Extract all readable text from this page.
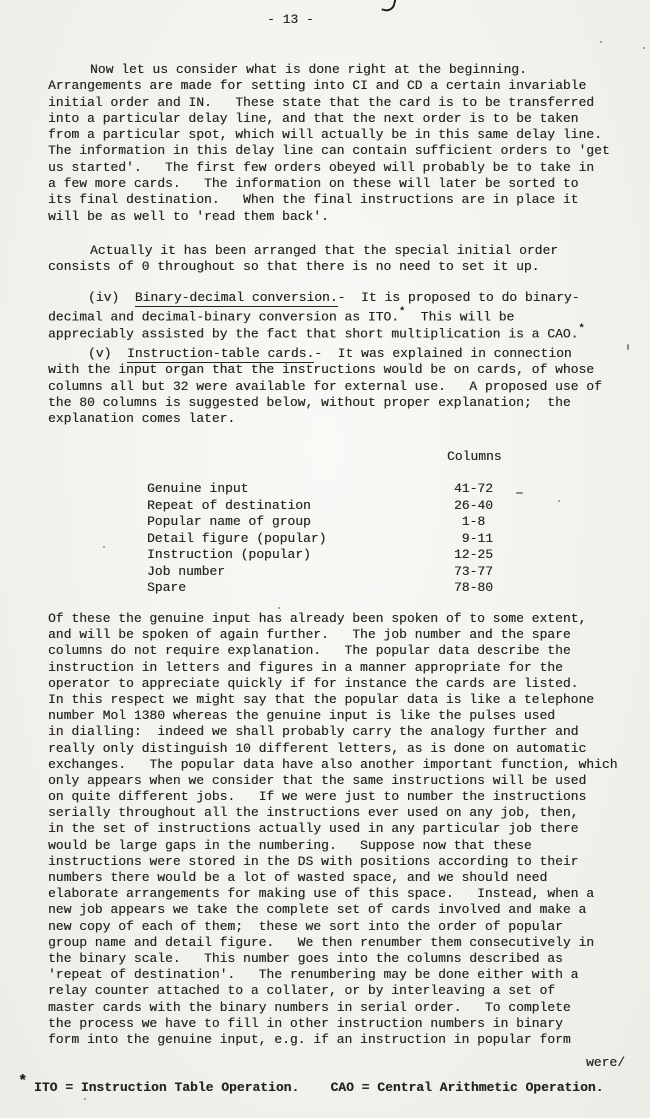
- 13 -
Now let us consider what is done right at the beginning.
Arrangements are made for setting into CI and CD a certain invariable
initial order and IN.   These state that the card is to be transferred
into a particular delay line, and that the next order is to be taken
from a particular spot, which will actually be in this same delay line.
The information in this delay line can contain sufficient orders to 'get
us started'.   The first few orders obeyed will probably be to take in
a few more cards.   The information on these will later be sorted to
its final destination.   When the final instructions are in place it
will be as well to 'read them back'.
Actually it has been arranged that the special initial order
consists of 0 throughout so that there is no need to set it up.
(iv)  Binary-decimal conversion.-  It is proposed to do binary-
decimal and decimal-binary conversion as ITO.*  This will be
appreciably assisted by the fact that short multiplication is a CAO.*
(v)  Instruction-table cards.-  It was explained in connection
with the input organ that the instructions would be on cards, of whose
columns all but 32 were available for external use.   A proposed use of
the 80 columns is suggested below, without proper explanation;  the
explanation comes later.
Columns
Genuine input	41-72
Repeat of destination	26-40
Popular name of group	1-8
Detail figure (popular)	9-11
Instruction (popular)	12-25
Job number	73-77
Spare	78-80
Of these the genuine input has already been spoken of to some extent,
and will be spoken of again further.   The job number and the spare
columns do not require explanation.   The popular data describe the
instruction in letters and figures in a manner appropriate for the
operator to appreciate quickly if for instance the cards are listed.
In this respect we might say that the popular data is like a telephone
number Mol 1380 whereas the genuine input is like the pulses used
in dialling:  indeed we shall probably carry the analogy further and
really only distinguish 10 different letters, as is done on automatic
exchanges.   The popular data have also another important function, which
only appears when we consider that the same instructions will be used
on quite different jobs.   If we were just to number the instructions
serially throughout all the instructions ever used on any job, then,
in the set of instructions actually used in any particular job there
would be large gaps in the numbering.   Suppose now that these
instructions were stored in the DS with positions according to their
numbers there would be a lot of wasted space, and we should need
elaborate arrangements for making use of this space.   Instead, when a
new job appears we take the complete set of cards involved and make a
new copy of each of them;  these we sort into the order of popular
group name and detail figure.   We then renumber them consecutively in
the binary scale.   This number goes into the columns described as
'repeat of destination'.   The renumbering may be done either with a
relay counter attached to a collater, or by interleaving a set of
master cards with the binary numbers in serial order.   To complete
the process we have to fill in other instruction numbers in binary
form into the genuine input, e.g. if an instruction in popular form
were/
* ITO = Instruction Table Operation.    CAO = Central Arithmetic Operation.
